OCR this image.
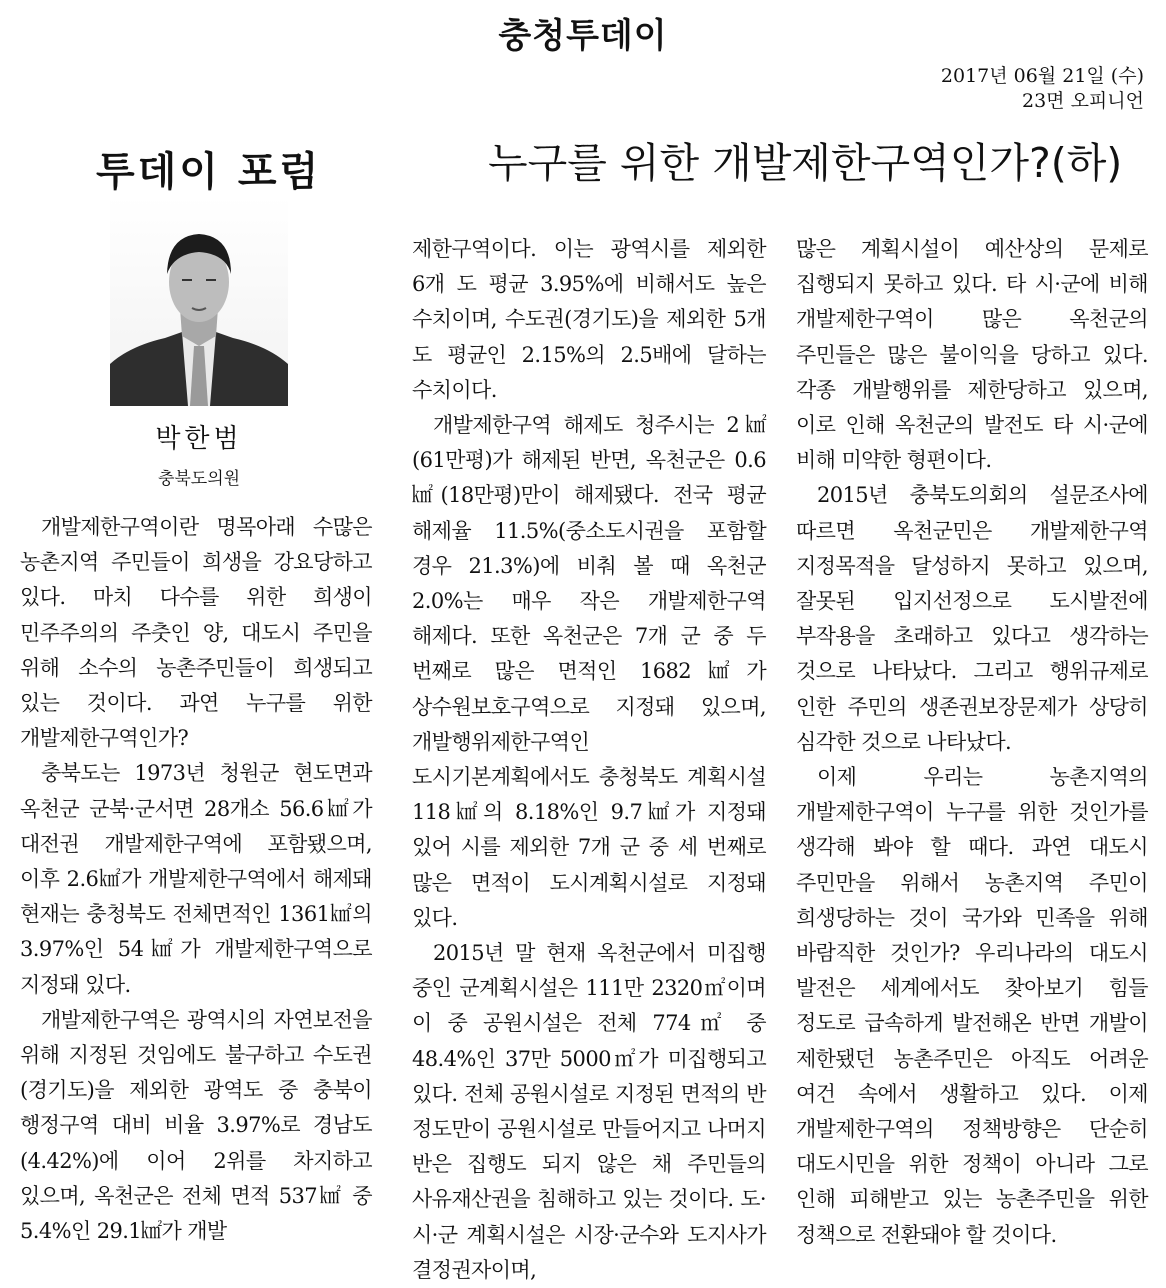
충청투데이
2017년 06월 21일 (수)
23면 오피니언
투데이 포럼	누구를 위한 개발제한구역인가?(하)
박한범
충북도의원

개발제한구역이란 명목아래 수많은 농촌지역 주민들이 희생을 강요당하고 있다. 마치 다수를 위한 희생이 민주주의의 주춧인 양, 대도시 주민을 위해 소수의 농촌주민들이 희생되고 있는 것이다. 과연 누구를 위한 개발제한구역인가?

충북도는 1973년 청원군 현도면과 옥천군 군북·군서면 28개소 56.6㎢가 대전권 개발제한구역에 포함됐으며, 이후 2.6㎢가 개발제한구역에서 해제돼 현재는 충청북도 전체면적인 1361㎢의 3.97%인 54㎢가 개발제한구역으로 지정돼 있다.

개발제한구역은 광역시의 자연보전을 위해 지정된 것임에도 불구하고 수도권(경기도)을 제외한 광역도 중 충북이 행정구역 대비 비율 3.97%로 경남도(4.42%)에 이어 2위를 차지하고 있으며, 옥천군은 전체 면적 537㎢ 중 5.4%인 29.1㎢가 개발

제한구역이다. 이는 광역시를 제외한 6개 도 평균 3.95%에 비해서도 높은 수치이며, 수도권(경기도)을 제외한 5개 도 평균인 2.15%의 2.5배에 달하는 수치이다.

개발제한구역 해제도 청주시는 2㎢(61만평)가 해제된 반면, 옥천군은 0.6㎢(18만평)만이 해제됐다. 전국 평균 해제율 11.5%(중소도시권을 포함할 경우 21.3%)에 비춰 볼 때 옥천군 2.0%는 매우 작은 개발제한구역 해제다. 또한 옥천군은 7개 군 중 두 번째로 많은 면적인 1682㎢가 상수원보호구역으로 지정돼 있으며, 개발행위제한구역인 도시기본계획에서도 충청북도 계획시설 118㎢의 8.18%인 9.7㎢가 지정돼 있어 시를 제외한 7개 군 중 세 번째로 많은 면적이 도시계획시설로 지정돼 있다.

2015년 말 현재 옥천군에서 미집행 중인 군계획시설은 111만 2320㎡이며 이 중 공원시설은 전체 774㎡ 중 48.4%인 37만 5000㎡가 미집행되고 있다. 전체 공원시설로 지정된 면적의 반 정도만이 공원시설로 만들어지고 나머지 반은 집행도 되지 않은 채 주민들의 사유재산권을 침해하고 있는 것이다. 도·시·군 계획시설은 시장·군수와 도지사가 결정권자이며,

많은 계획시설이 예산상의 문제로 집행되지 못하고 있다. 타 시·군에 비해 개발제한구역이 많은 옥천군의 주민들은 많은 불이익을 당하고 있다. 각종 개발행위를 제한당하고 있으며, 이로 인해 옥천군의 발전도 타 시·군에 비해 미약한 형편이다.

2015년 충북도의회의 설문조사에 따르면 옥천군민은 개발제한구역 지정목적을 달성하지 못하고 있으며, 잘못된 입지선정으로 도시발전에 부작용을 초래하고 있다고 생각하는 것으로 나타났다. 그리고 행위규제로 인한 주민의 생존권보장문제가 상당히 심각한 것으로 나타났다.

이제 우리는 농촌지역의 개발제한구역이 누구를 위한 것인가를 생각해 봐야 할 때다. 과연 대도시 주민만을 위해서 농촌지역 주민이 희생당하는 것이 국가와 민족을 위해 바람직한 것인가? 우리나라의 대도시 발전은 세계에서도 찾아보기 힘들 정도로 급속하게 발전해온 반면 개발이 제한됐던 농촌주민은 아직도 어려운 여건 속에서 생활하고 있다. 이제 개발제한구역의 정책방향은 단순히 대도시민을 위한 정책이 아니라 그로 인해 피해받고 있는 농촌주민을 위한 정책으로 전환돼야 할 것이다.
